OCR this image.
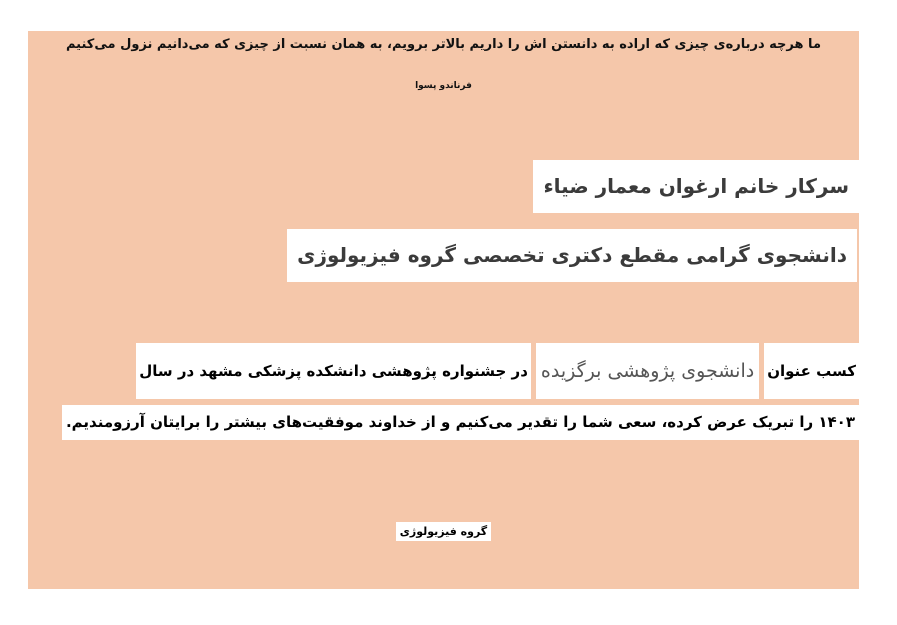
ما هرچه درباره‌ی چیزی که اراده به دانستن اش را داریم بالاتر برویم، به همان نسبت از چیزی که می‌دانیم نزول می‌کنیم
فرناندو پسوا
سرکار خانم ارغوان معمار ضیاء
دانشجوی گرامی مقطع دکتری تخصصی گروه فیزیولوژی
کسب عنوان
دانشجوی پژوهشی برگزیده
در جشنواره پژوهشی دانشکده پزشکی مشهد در سال
۱۴۰۳ را تبریک عرض کرده، سعی شما را تقدیر می‌کنیم و از خداوند موفقیت‌های بیشتر را برایتان آرزومندیم.
گروه فیزیولوژی
